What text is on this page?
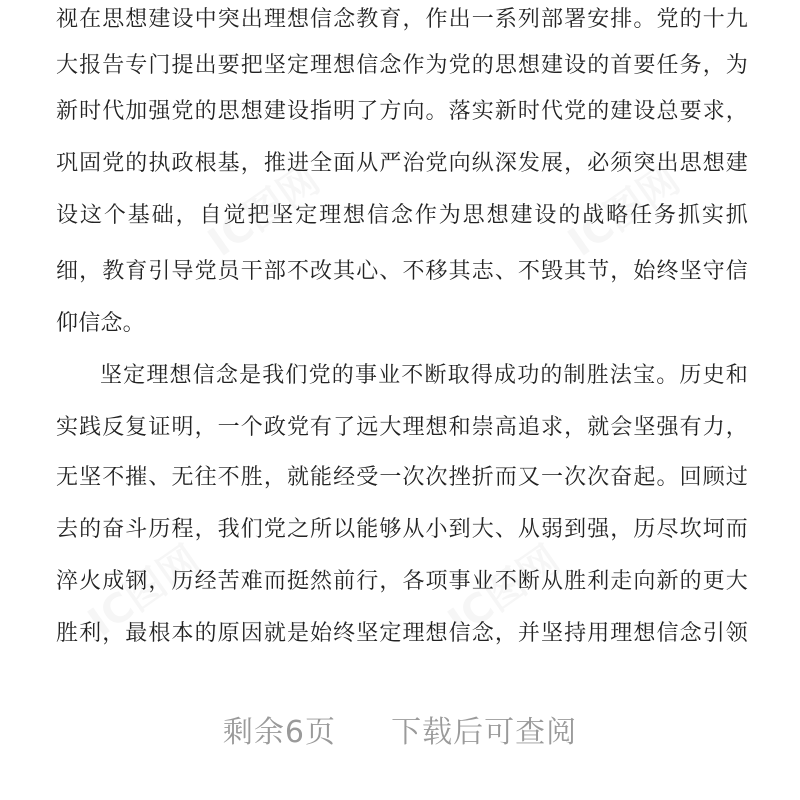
视在思想建设中突出理想信念教育，作出一系列部署安排。党的十九
大报告专门提出要把坚定理想信念作为党的思想建设的首要任务，为
新时代加强党的思想建设指明了方向。落实新时代党的建设总要求，
巩固党的执政根基，推进全面从严治党向纵深发展，必须突出思想建
设这个基础，自觉把坚定理想信念作为思想建设的战略任务抓实抓
细，教育引导党员干部不改其心、不移其志、不毁其节，始终坚守信
仰信念。
坚定理想信念是我们党的事业不断取得成功的制胜法宝。历史和
实践反复证明，一个政党有了远大理想和崇高追求，就会坚强有力，
无坚不摧、无往不胜，就能经受一次次挫折而又一次次奋起。回顾过
去的奋斗历程，我们党之所以能够从小到大、从弱到强，历尽坎坷而
淬火成钢，历经苦难而挺然前行，各项事业不断从胜利走向新的更大
胜利，最根本的原因就是始终坚定理想信念，并坚持用理想信念引领
剩余6页 下载后可查阅
